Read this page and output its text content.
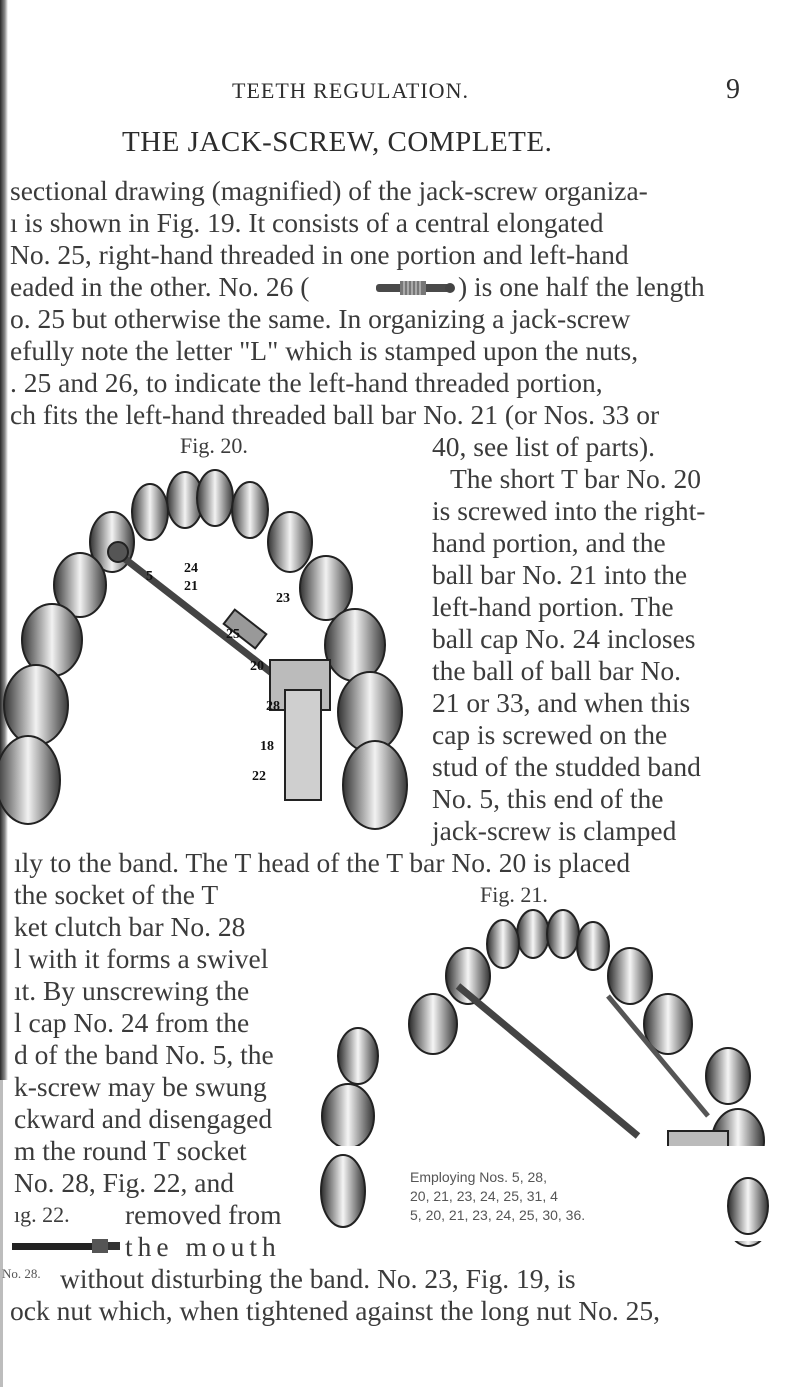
TEETH REGULATION.	9
THE JACK-SCREW, COMPLETE.
sectional drawing (magnified) of the jack-screw organiza-
ı is shown in Fig. 19. It consists of a central elongated
No. 25, right-hand threaded in one portion and left-hand
eaded in the other. No. 26 (	) is one half the length
o. 25 but otherwise the same. In organizing a jack-screw
efully note the letter "L" which is stamped upon the nuts,
. 25 and 26, to indicate the left-hand threaded portion,
ch fits the left-hand threaded ball bar No. 21 (or Nos. 33 or
Fig. 20.	40, see list of parts).
The short T bar No. 20
is screwed into the right-
hand portion, and the
ball bar No. 21 into the
left-hand portion. The
ball cap No. 24 incloses
the ball of ball bar No.
21 or 33, and when this
cap is screwed on the
stud of the studded band
No. 5, this end of the
jack-screw is clamped
5
24
21
23
25
20
28
18
22
ıly to the band. The T head of the T bar No. 20 is placed
Fig. 21.
the socket of the T
ket clutch bar No. 28
l with it forms a swivel
ıt. By unscrewing the
l cap No. 24 from the
d of the band No. 5, the
k-screw may be swung
ckward and disengaged
m the round T socket
No. 28, Fig. 22, and
ıg. 22. removed from
the mouth
No. 28.
Employing Nos. 5, 28,
20, 21, 23, 24, 25, 31, 4
5, 20, 21, 23, 24, 25, 30, 36.
without disturbing the band. No. 23, Fig. 19, is
ock nut which, when tightened against the long nut No. 25,
